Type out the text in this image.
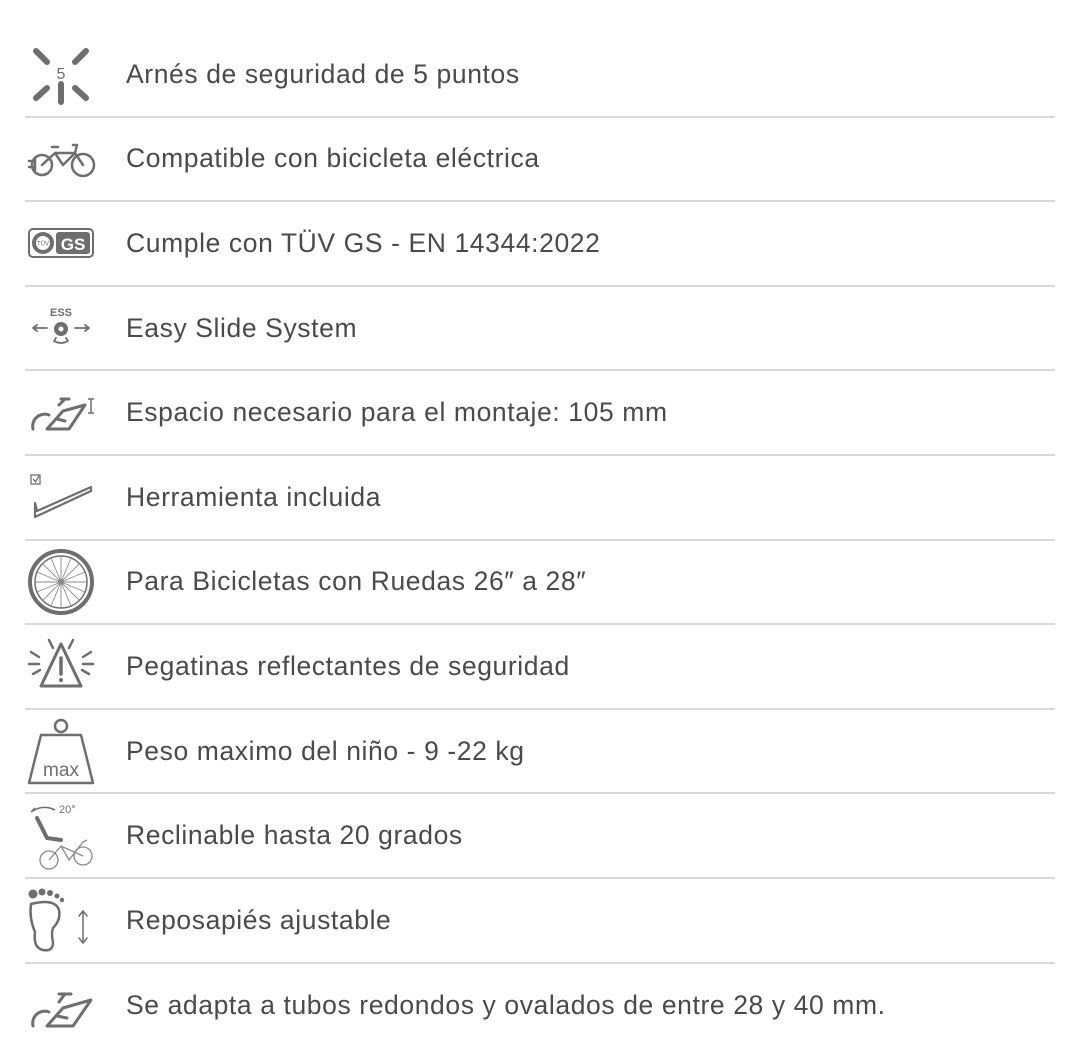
5 Arnés de seguridad de 5 puntos
Compatible con bicicleta eléctrica
TÜV GS Cumple con TÜV GS - EN 14344:2022
ESS Easy Slide System
Espacio necesario para el montaje: 105 mm
Herramienta incluida
Para Bicicletas con Ruedas 26″ a 28″
Pegatinas reflectantes de seguridad
max
Peso maximo del niño - 9 -22 kg
20°
Reclinable hasta 20 grados
Reposapiés ajustable
Se adapta a tubos redondos y ovalados de entre 28 y 40 mm.
